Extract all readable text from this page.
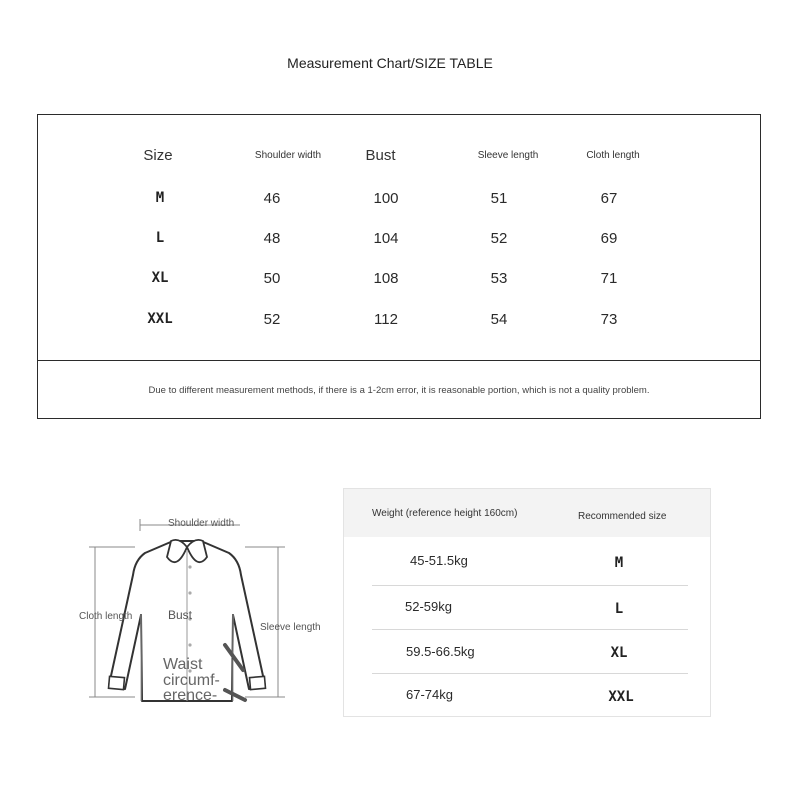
Measurement Chart/SIZE TABLE
Size	Shoulder width	Bust	Sleeve length	Cloth length
M	46	100	51	67
L	48	104	52	69
XL	50	108	53	71
XXL	52	112	54	73
Due to different measurement methods, if there is a 1-2cm error, it is reasonable portion, which is not a quality problem.
Shoulder width
Cloth length	Bust
Sleeve length
Waist
circumf-
erence-
Weight (reference height 160cm)	Recommended size
45-51.5kg	M
52-59kg	L
59.5-66.5kg	XL
67-74kg	XXL
